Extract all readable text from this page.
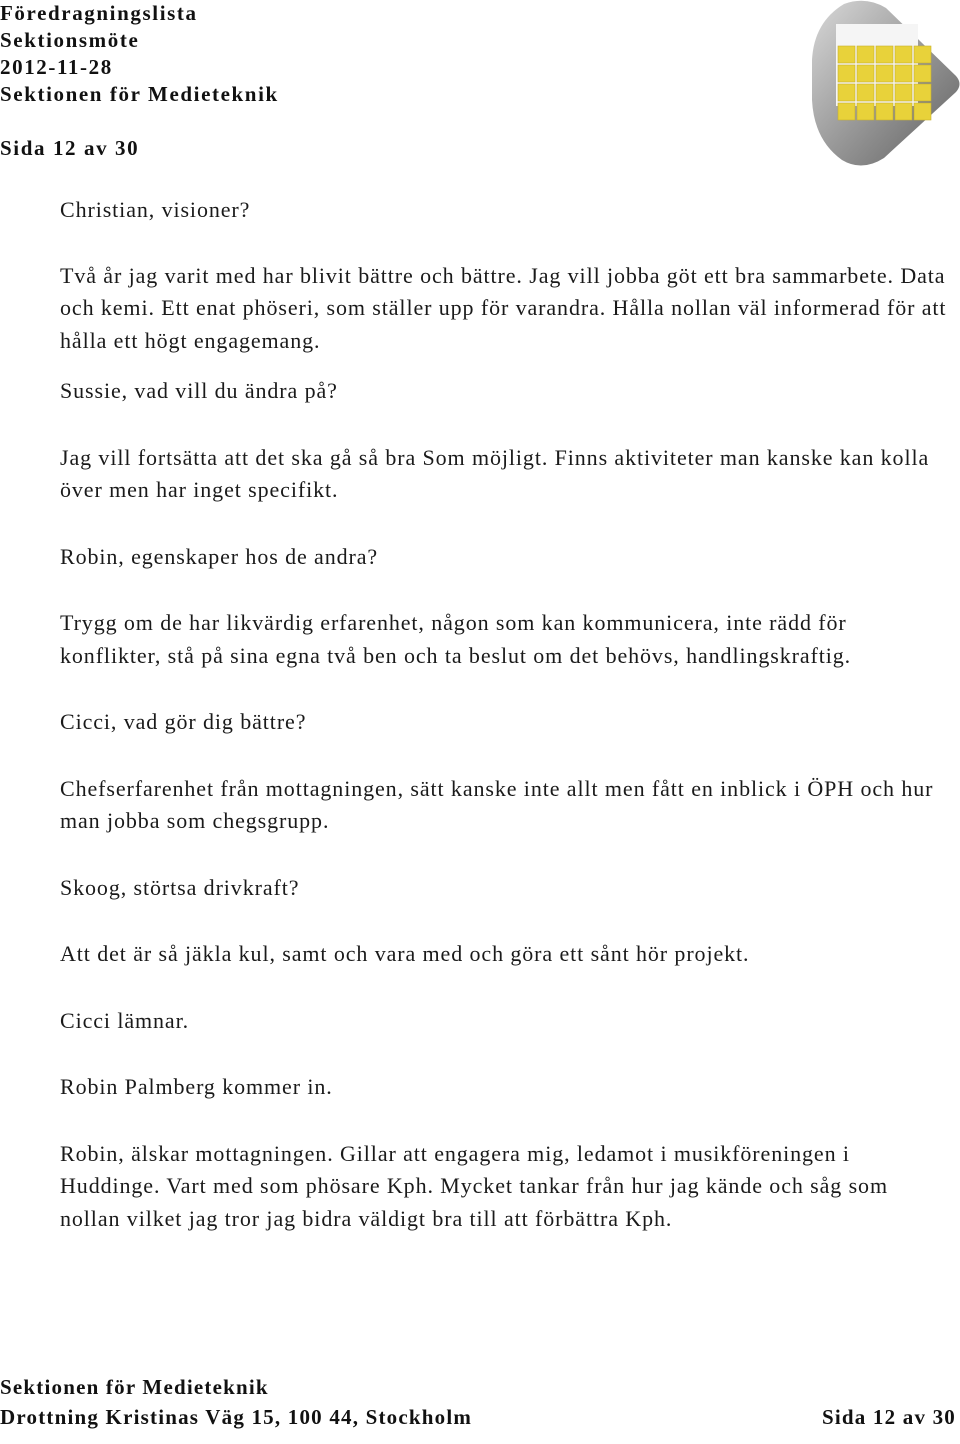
Föredragningslista
Sektionsmöte
2012-11-28
Sektionen för Medieteknik
Sida 12 av 30

Christian, visioner?

Två år jag varit med har blivit bättre och bättre. Jag vill jobba göt ett bra sammarbete. Data och kemi. Ett enat phöseri, som ställer upp för varandra. Hålla nollan väl informerad för att hålla ett högt engagemang.

Sussie, vad vill du ändra på?

Jag vill fortsätta att det ska gå så bra Som möjligt. Finns aktiviteter man kanske kan kolla över men har inget specifikt.

Robin, egenskaper hos de andra?

Trygg om de har likvärdig erfarenhet, någon som kan kommunicera, inte rädd för konflikter, stå på sina egna två ben och ta beslut om det behövs, handlingskraftig.

Cicci, vad gör dig bättre?

Chefserfarenhet från mottagningen, sätt kanske inte allt men fått en inblick i ÖPH och hur man jobba som chegsgrupp.

Skoog, störtsa drivkraft?

Att det är så jäkla kul, samt och vara med och göra ett sånt hör projekt.

Cicci lämnar.

Robin Palmberg kommer in.

Robin, älskar mottagningen. Gillar att engagera mig, ledamot i musikföreningen i Huddinge. Vart med som phösare Kph. Mycket tankar från hur jag kände och såg som nollan vilket jag tror jag bidra väldigt bra till att förbättra Kph.

Sektionen för Medieteknik
Drottning Kristinas Väg 15, 100 44, Stockholm	Sida 12 av 30
